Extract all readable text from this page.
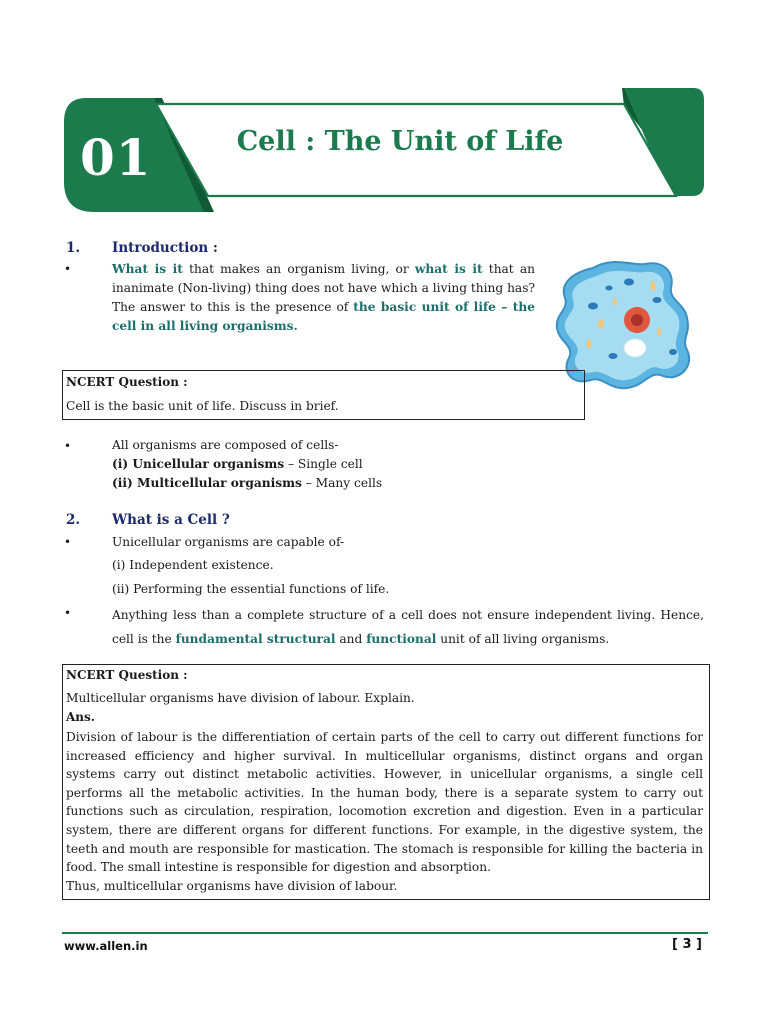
01	Cell : The Unit of Life
1. Introduction :
•	What is it that makes an organism living, or what is it that an inanimate (Non-living) thing does not have which a living thing has? The answer to this is the presence of the basic unit of life – the cell in all living organisms.
NCERT Question :
Cell is the basic unit of life. Discuss in brief.
•	All organisms are composed of cells-
(i) Unicellular organisms – Single cell
(ii) Multicellular organisms – Many cells
2. What is a Cell ?
•	Unicellular organisms are capable of-
(i) Independent existence.
(ii) Performing the essential functions of life.
•	Anything less than a complete structure of a cell does not ensure independent living. Hence, cell is the fundamental structural and functional unit of all living organisms.
NCERT Question :
Multicellular organisms have division of labour. Explain.
Ans.
Division of labour is the differentiation of certain parts of the cell to carry out different functions for increased efficiency and higher survival. In multicellular organisms, distinct organs and organ systems carry out distinct metabolic activities. However, in unicellular organisms, a single cell performs all the metabolic activities. In the human body, there is a separate system to carry out functions such as circulation, respiration, locomotion excretion and digestion. Even in a particular system, there are different organs for different functions. For example, in the digestive system, the teeth and mouth are responsible for mastication. The stomach is responsible for killing the bacteria in food. The small intestine is responsible for digestion and absorption.
Thus, multicellular organisms have division of labour.
www.allen.in	[ 3 ]
